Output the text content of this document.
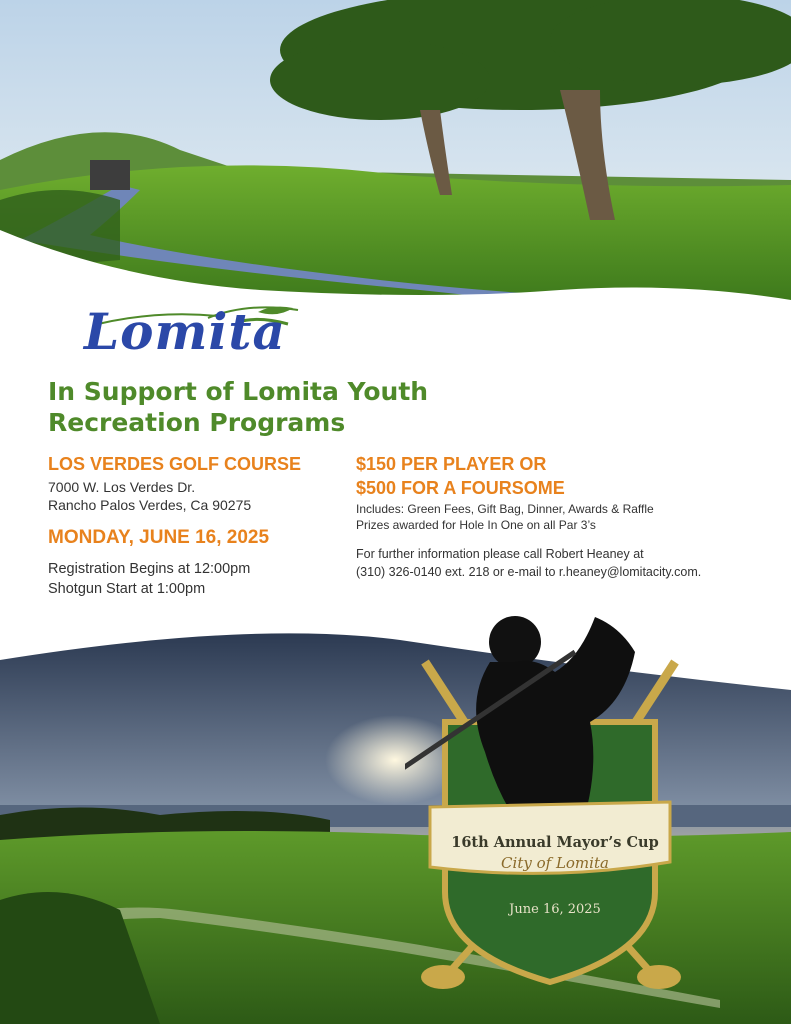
Lomita
In Support of Lomita Youth
Recreation Programs
LOS VERDES GOLF COURSE
7000 W. Los Verdes Dr.
Rancho Palos Verdes, Ca 90275
MONDAY, JUNE 16, 2025
Registration Begins at 12:00pm
Shotgun Start at 1:00pm
$150 PER PLAYER OR
$500 FOR A FOURSOME
Includes: Green Fees, Gift Bag, Dinner, Awards & Raffle
Prizes awarded for Hole In One on all Par 3’s
For further information please call Robert Heaney at
(310) 326-0140 ext. 218 or e-mail to r.heaney@lomitacity.com.
16th Annual Mayor’s Cup
City of Lomita
June 16, 2025
